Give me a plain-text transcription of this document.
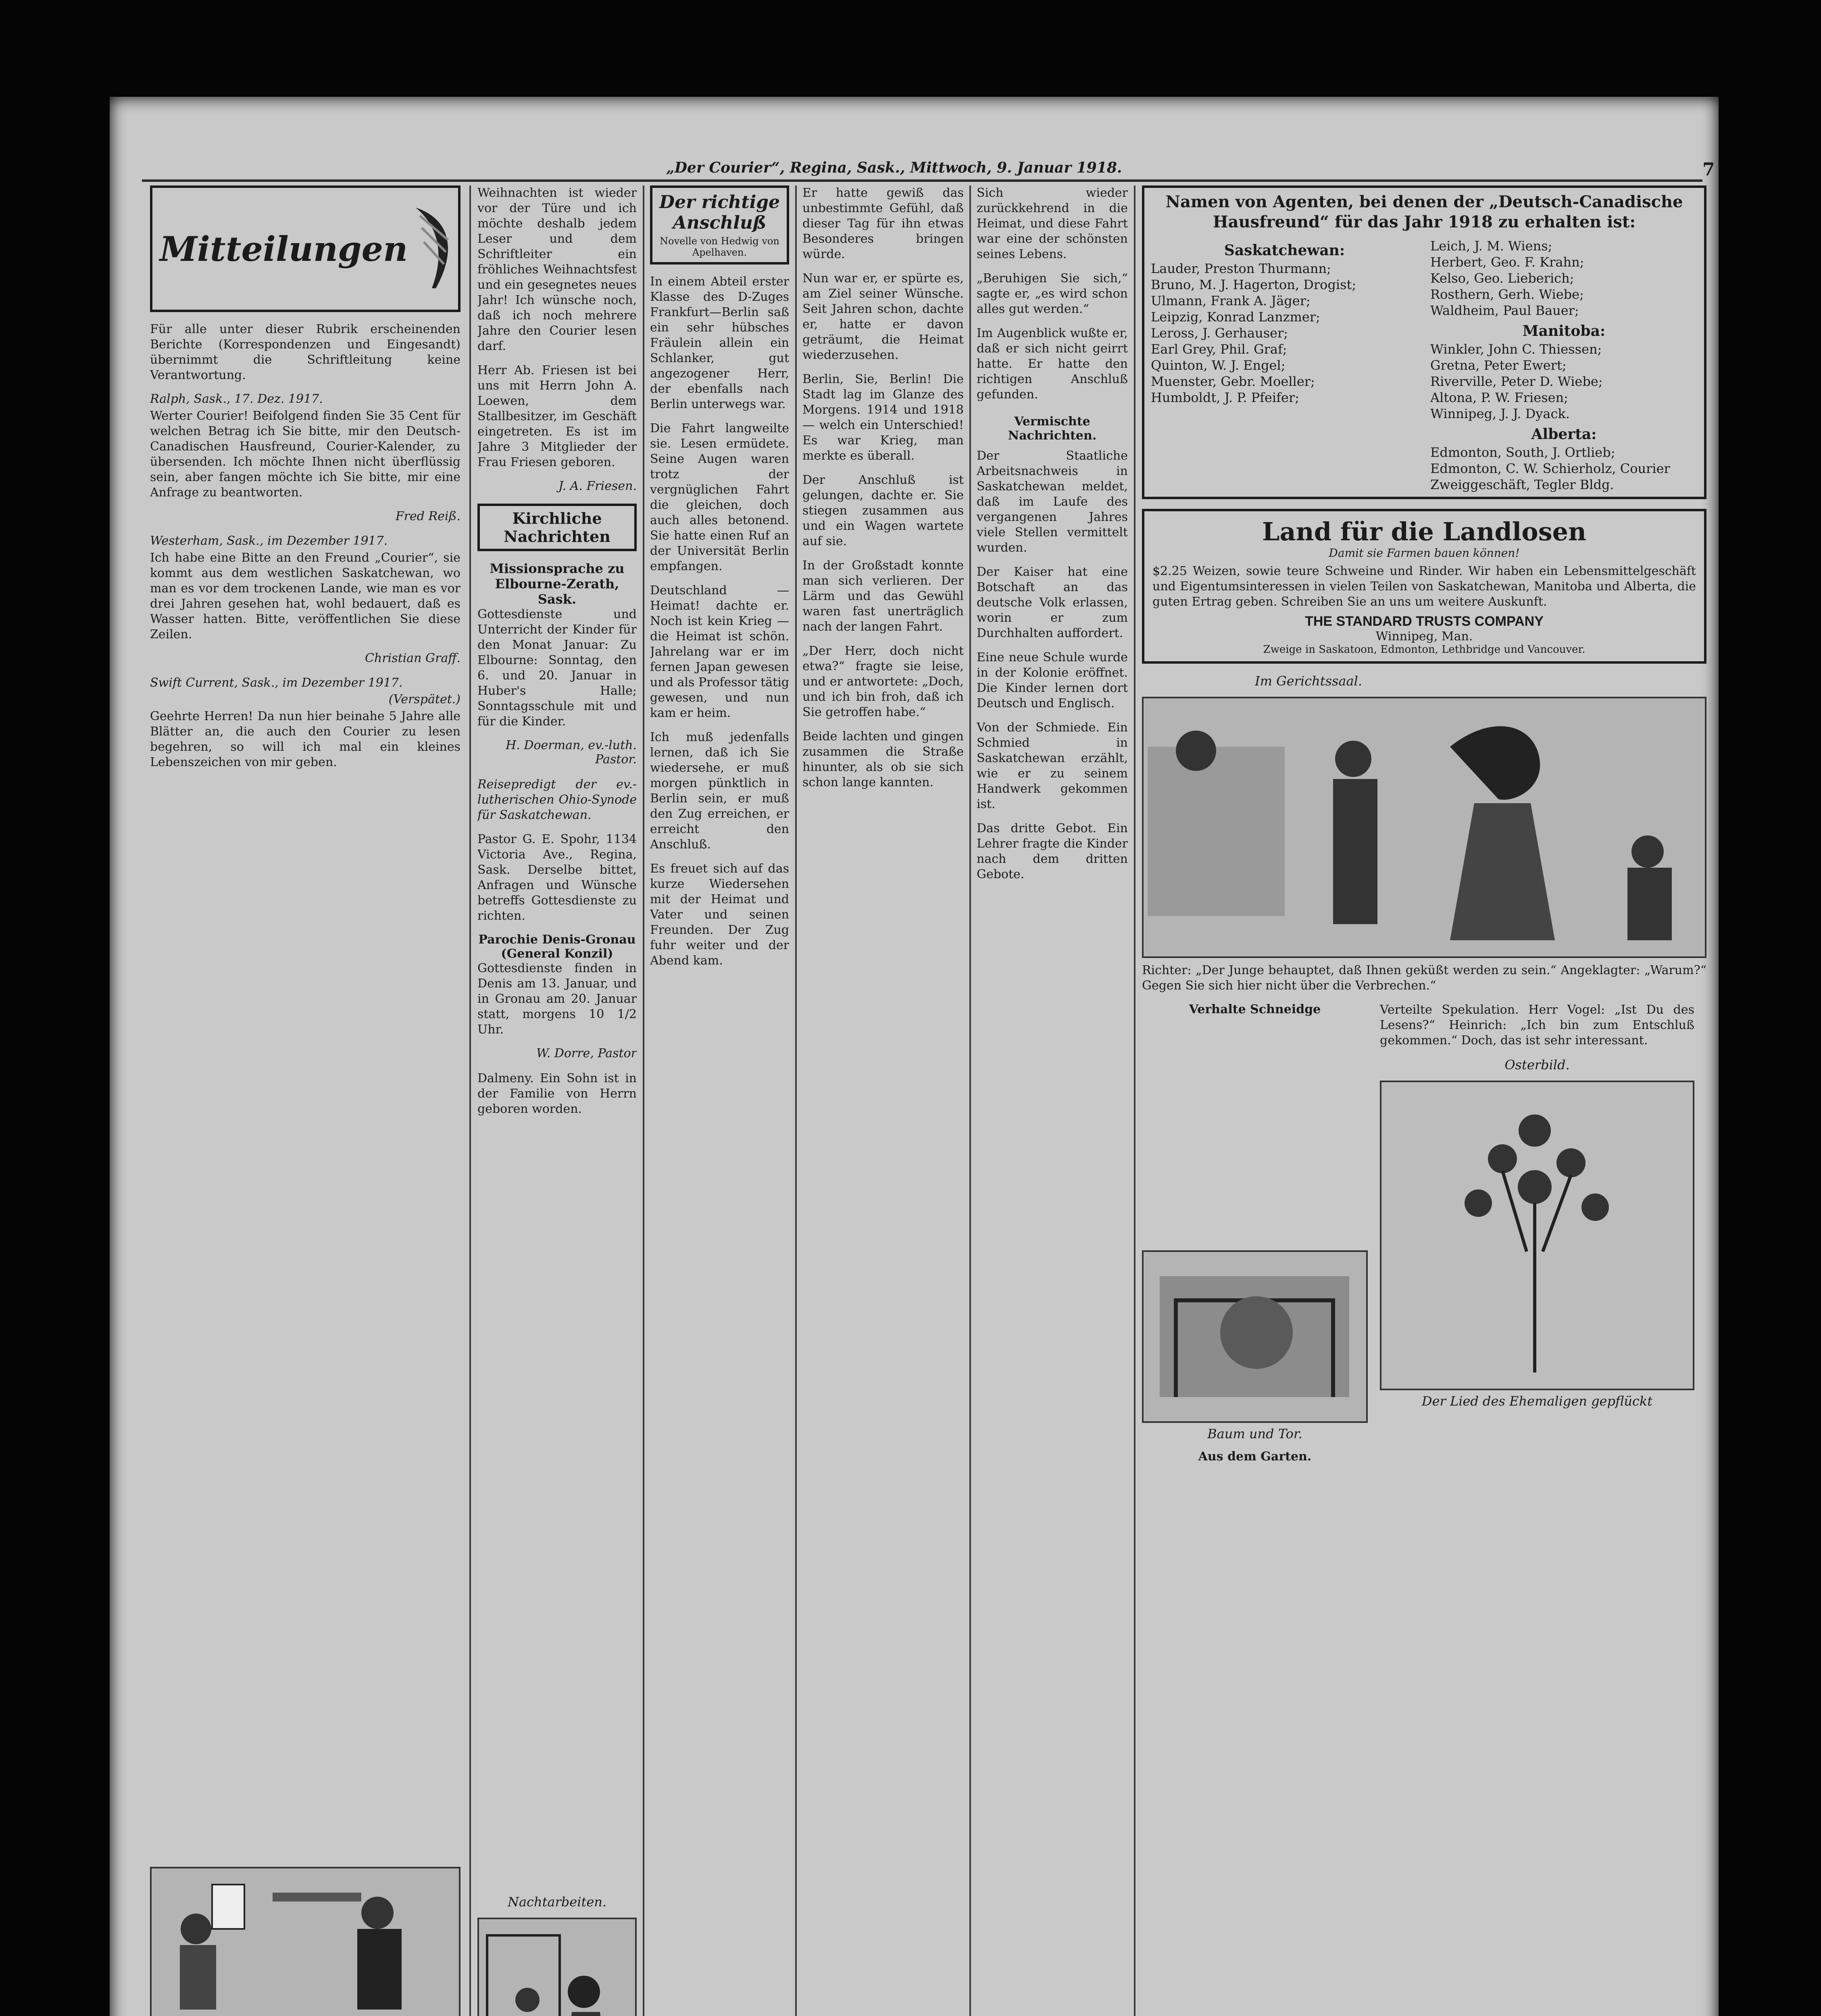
„Der Courier“, Regina, Sask., Mittwoch, 9. Januar 1918.	7
Mitteilungen

Für alle unter dieser Rubrik erscheinenden Berichte (Korrespondenzen und Eingesandt) übernimmt die Schriftleitung keine Verantwortung.

Ralph, Sask., 17. Dez. 1917.

Werter Courier! Beifolgend finden Sie 35 Cent für welchen Betrag ich Sie bitte, mir den Deutsch-Canadischen Hausfreund, Courier-Kalender, zu übersenden. Ich möchte Ihnen nicht überflüssig sein, aber fangen möchte ich Sie bitte, mir eine Anfrage zu beantworten.

Fred Reiß.

Westerham, Sask., im Dezember 1917.

Ich habe eine Bitte an den Freund „Courier“, sie kommt aus dem westlichen Saskatchewan, wo man es vor dem trockenen Lande, wie man es vor drei Jahren gesehen hat, wohl bedauert, daß es Wasser hatten. Bitte, veröffentlichen Sie diese Zeilen.

Christian Graff.

Swift Current, Sask., im Dezember 1917.

(Verspätet.)

Geehrte Herren! Da nun hier beinahe 5 Jahre alle Blätter an, die auch den Courier zu lesen begehren, so will ich mal ein kleines Lebenszeichen von mir geben.

Weihnachten ist wieder vor der Türe und ich möchte deshalb jedem Leser und dem Schriftleiter ein fröhliches Weihnachtsfest und ein gesegnetes neues Jahr! Ich wünsche noch, daß ich noch mehrere Jahre den Courier lesen darf.

Herr Ab. Friesen ist bei uns mit Herrn John A. Loewen, dem Stallbesitzer, im Geschäft eingetreten. Es ist im Jahre 3 Mitglieder der Frau Friesen geboren.

J. A. Friesen.

Kirchliche Nachrichten
Missionsprache zu Elbourne-Zerath, Sask.

Gottesdienste und Unterricht der Kinder für den Monat Januar: Zu Elbourne: Sonntag, den 6. und 20. Januar in Huber's Halle; Sonntagsschule mit und für die Kinder.

H. Doerman, ev.-luth. Pastor.

Reisepredigt der ev.-lutherischen Ohio-Synode für Saskatchewan.

Pastor G. E. Spohr, 1134 Victoria Ave., Regina, Sask. Derselbe bittet, Anfragen und Wünsche betreffs Gottesdienste zu richten.

Parochie Denis-Gronau (General Konzil)

Gottesdienste finden in Denis am 13. Januar, und in Gronau am 20. Januar statt, morgens 10 1/2 Uhr.

W. Dorre, Pastor

Dalmeny. Ein Sohn ist in der Familie von Herrn geboren worden.

Nachtarbeiten.

Der richtige Anschluß
Novelle von Hedwig von Apelhaven.

In einem Abteil erster Klasse des D-Zuges Frankfurt—Berlin saß ein sehr hübsches Fräulein allein ein Schlanker, gut angezogener Herr, der ebenfalls nach Berlin unterwegs war.

Die Fahrt langweilte sie. Lesen ermüdete. Seine Augen waren trotz der vergnüglichen Fahrt die gleichen, doch auch alles betonend. Sie hatte einen Ruf an der Universität Berlin empfangen.

Deutschland — Heimat! dachte er. Noch ist kein Krieg — die Heimat ist schön. Jahrelang war er im fernen Japan gewesen und als Professor tätig gewesen, und nun kam er heim.

Ich muß jedenfalls lernen, daß ich Sie wiedersehe, er muß morgen pünktlich in Berlin sein, er muß den Zug erreichen, er erreicht den Anschluß.

Es freuet sich auf das kurze Wiedersehen mit der Heimat und Vater und seinen Freunden. Der Zug fuhr weiter und der Abend kam.

Er hatte gewiß das unbestimmte Gefühl, daß dieser Tag für ihn etwas Besonderes bringen würde.

Nun war er, er spürte es, am Ziel seiner Wünsche. Seit Jahren schon, dachte er, hatte er davon geträumt, die Heimat wiederzusehen.

Berlin, Sie, Berlin! Die Stadt lag im Glanze des Morgens. 1914 und 1918 — welch ein Unterschied! Es war Krieg, man merkte es überall.

Der Anschluß ist gelungen, dachte er. Sie stiegen zusammen aus und ein Wagen wartete auf sie.

In der Großstadt konnte man sich verlieren. Der Lärm und das Gewühl waren fast unerträglich nach der langen Fahrt.

„Der Herr, doch nicht etwa?“ fragte sie leise, und er antwortete: „Doch, und ich bin froh, daß ich Sie getroffen habe.“

Beide lachten und gingen zusammen die Straße hinunter, als ob sie sich schon lange kannten.

Sich wieder zurückkehrend in die Heimat, und diese Fahrt war eine der schönsten seines Lebens.

„Beruhigen Sie sich,“ sagte er, „es wird schon alles gut werden.“

Im Augenblick wußte er, daß er sich nicht geirrt hatte. Er hatte den richtigen Anschluß gefunden.

Vermischte Nachrichten.

Der Staatliche Arbeitsnachweis in Saskatchewan meldet, daß im Laufe des vergangenen Jahres viele Stellen vermittelt wurden.

Der Kaiser hat eine Botschaft an das deutsche Volk erlassen, worin er zum Durchhalten auffordert.

Eine neue Schule wurde in der Kolonie eröffnet. Die Kinder lernen dort Deutsch und Englisch.

Von der Schmiede. Ein Schmied in Saskatchewan erzählt, wie er zu seinem Handwerk gekommen ist.

Das dritte Gebot. Ein Lehrer fragte die Kinder nach dem dritten Gebote.

Namen von Agenten, bei denen der „Deutsch-Canadische Hausfreund“ für das Jahr 1918 zu erhalten ist:
Saskatchewan:
Lauder, Preston Thurmann;
Bruno, M. J. Hagerton, Drogist;
Ulmann, Frank A. Jäger;
Leipzig, Konrad Lanzmer;
Leross, J. Gerhauser;
Earl Grey, Phil. Graf;
Quinton, W. J. Engel;
Muenster, Gebr. Moeller;
Humboldt, J. P. Pfeifer;
Leich, J. M. Wiens;
Herbert, Geo. F. Krahn;
Kelso, Geo. Lieberich;
Rosthern, Gerh. Wiebe;
Waldheim, Paul Bauer;
Manitoba:
Winkler, John C. Thiessen;
Gretna, Peter Ewert;
Riverville, Peter D. Wiebe;
Altona, P. W. Friesen;
Winnipeg, J. J. Dyack.
Alberta:
Edmonton, South, J. Ortlieb;
Edmonton, C. W. Schierholz, Courier Zweiggeschäft, Tegler Bldg.
Land für die Landlosen
Damit sie Farmen bauen können!

$2.25 Weizen, sowie teure Schweine und Rinder. Wir haben ein Lebensmittelgeschäft und Eigentumsinteressen in vielen Teilen von Saskatchewan, Manitoba und Alberta, die guten Ertrag geben. Schreiben Sie an uns um weitere Auskunft.

THE STANDARD TRUSTS COMPANY
Winnipeg, Man.
Zweige in Saskatoon, Edmonton, Lethbridge und Vancouver.
Im Gerichtssaal.

Richter: „Der Junge behauptet, daß Ihnen geküßt werden zu sein.“ Angeklagter: „Warum?“ Gegen Sie sich hier nicht über die Verbrechen.“

Verhalte Schneidge
Baum und Tor.
Aus dem Garten.

Verteilte Spekulation. Herr Vogel: „Ist Du des Lesens?“ Heinrich: „Ich bin zum Entschluß gekommen.“ Doch, das ist sehr interessant.

Osterbild.
Der Lied des Ehemaligen gepflückt
